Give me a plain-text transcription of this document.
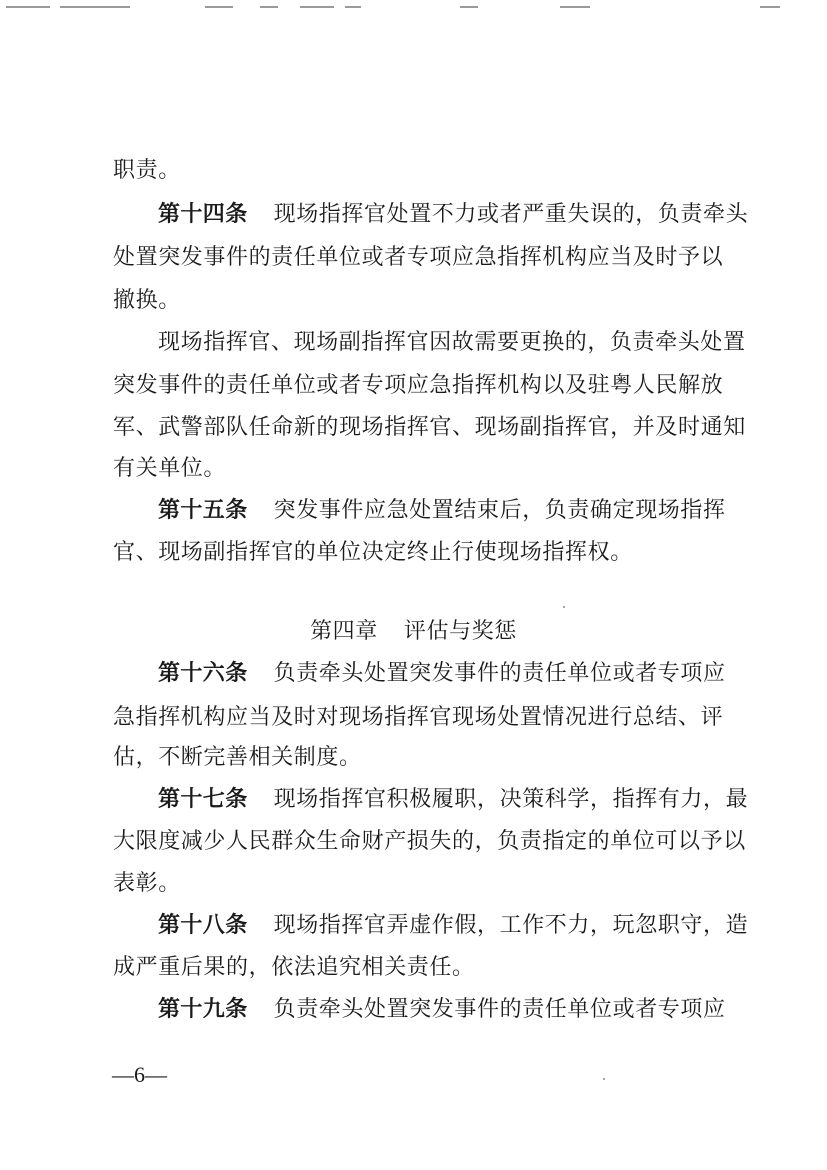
职责。
第十四条 现场指挥官处置不力或者严重失误的，负责牵头
处置突发事件的责任单位或者专项应急指挥机构应当及时予以
撤换。
现场指挥官、现场副指挥官因故需要更换的，负责牵头处置
突发事件的责任单位或者专项应急指挥机构以及驻粤人民解放
军、武警部队任命新的现场指挥官、现场副指挥官，并及时通知
有关单位。
第十五条 突发事件应急处置结束后，负责确定现场指挥
官、现场副指挥官的单位决定终止行使现场指挥权。
第四章 评估与奖惩
第十六条 负责牵头处置突发事件的责任单位或者专项应
急指挥机构应当及时对现场指挥官现场处置情况进行总结、评
估，不断完善相关制度。
第十七条 现场指挥官积极履职，决策科学，指挥有力，最
大限度减少人民群众生命财产损失的，负责指定的单位可以予以
表彰。
第十八条 现场指挥官弄虚作假，工作不力，玩忽职守，造
成严重后果的，依法追究相关责任。
第十九条 负责牵头处置突发事件的责任单位或者专项应
—6—
